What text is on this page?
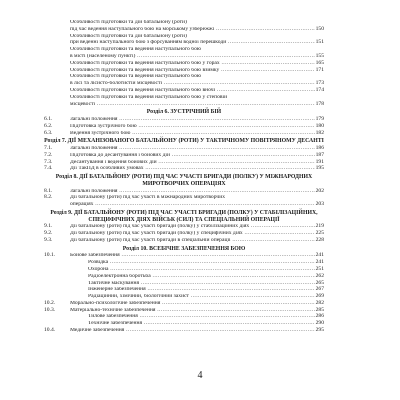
Особливості підготовки та дій батальйону (роти)
під час ведення наступального бою на морському узбережжі .....	150
Особливості підготовки та дій батальйону (роти)
при веденні наступального бою з форсуванням водної перешкоди .....	151
Особливості підготовки та ведення наступального бою
в місті (населеному пункті) .....	155
Особливості підготовки та ведення наступального бою у горах .....	165
Особливості підготовки та ведення наступального бою взимку .....	171
Особливості підготовки та ведення наступального бою
в лісі та лісисто-болотистій місцевості .....	173
Особливості підготовки та ведення наступального бою вночі .....	174
Особливості підготовки та ведення наступального бою у степовій
місцевості .....	178
Розділ 6. ЗУСТРІЧНИЙ БІЙ
6.1.	Загальні положення .....	179
6.2.	Підготовка зустрічного бою .....	180
6.3.	Ведення зустрічного бою .....	182
Розділ 7. ДІЇ МЕХАНІЗОВАНОГО БАТАЛЬЙОНУ (РОТИ) У ТАКТИЧНОМУ ПОВІТРЯНОМУ ДЕСАНТІ
7.1.	Загальні положення .....	186
7.2.	Підготовка до десантування і бойових дій .....	187
7.3.	Десантування і ведення бойових дій .....	191
7.4.	Дії ТакПД в особливих умовах .....	195
Розділ 8. ДІЇ БАТАЛЬЙОНУ (РОТИ) ПІД ЧАС УЧАСТІ БРИГАДИ (ПОЛКУ) У МІЖНАРОДНИХ МИРОТВОРЧИХ ОПЕРАЦІЯХ
8.1.	Загальні положення .....	202
8.2.	Дії батальйону (роти) під час участі в міжнародних миротворчих
операціях .....	203
Розділ 9. ДІЇ БАТАЛЬЙОНУ (РОТИ) ПІД ЧАС УЧАСТІ БРИГАДИ (ПОЛКУ) У СТАБІЛІЗАЦІЙНИХ, СПЕЦИФІЧНИХ ДІЯХ ВІЙСЬК (СИЛ) ТА СПЕЦІАЛЬНИЙ ОПЕРАЦІЇ
9.1.	Дії батальйону (роти) під час участі бригади (полку) у стабілізаційних діях .....	219
9.2.	Дії батальйону (роти) під час участі бригади (полку) у специфічних діях .....	225
9.3.	Дії батальйону (роти) під час участі бригади в спеціальній операції .....	228
Розділ 10. ВСЕБІЧНЕ ЗАБЕЗПЕЧЕННЯ БОЮ
10.1.	Бойове забезпечення .....	241
Розвідка .....	241
Охорона .....	251
Радіоелектронна боротьба .....	262
Тактичне маскування .....	265
Інженерне забезпечення .....	267
Радіаційний, хімічний, біологічний захист .....	269
10.2.	Морально-психологічне забезпечення .....	282
10.3.	Матеріально-технічне забезпечення .....	285
Тилове забезпечення .....	286
Технічне забезпечення .....	290
10.4.	Медичне забезпечення .....	295
4
